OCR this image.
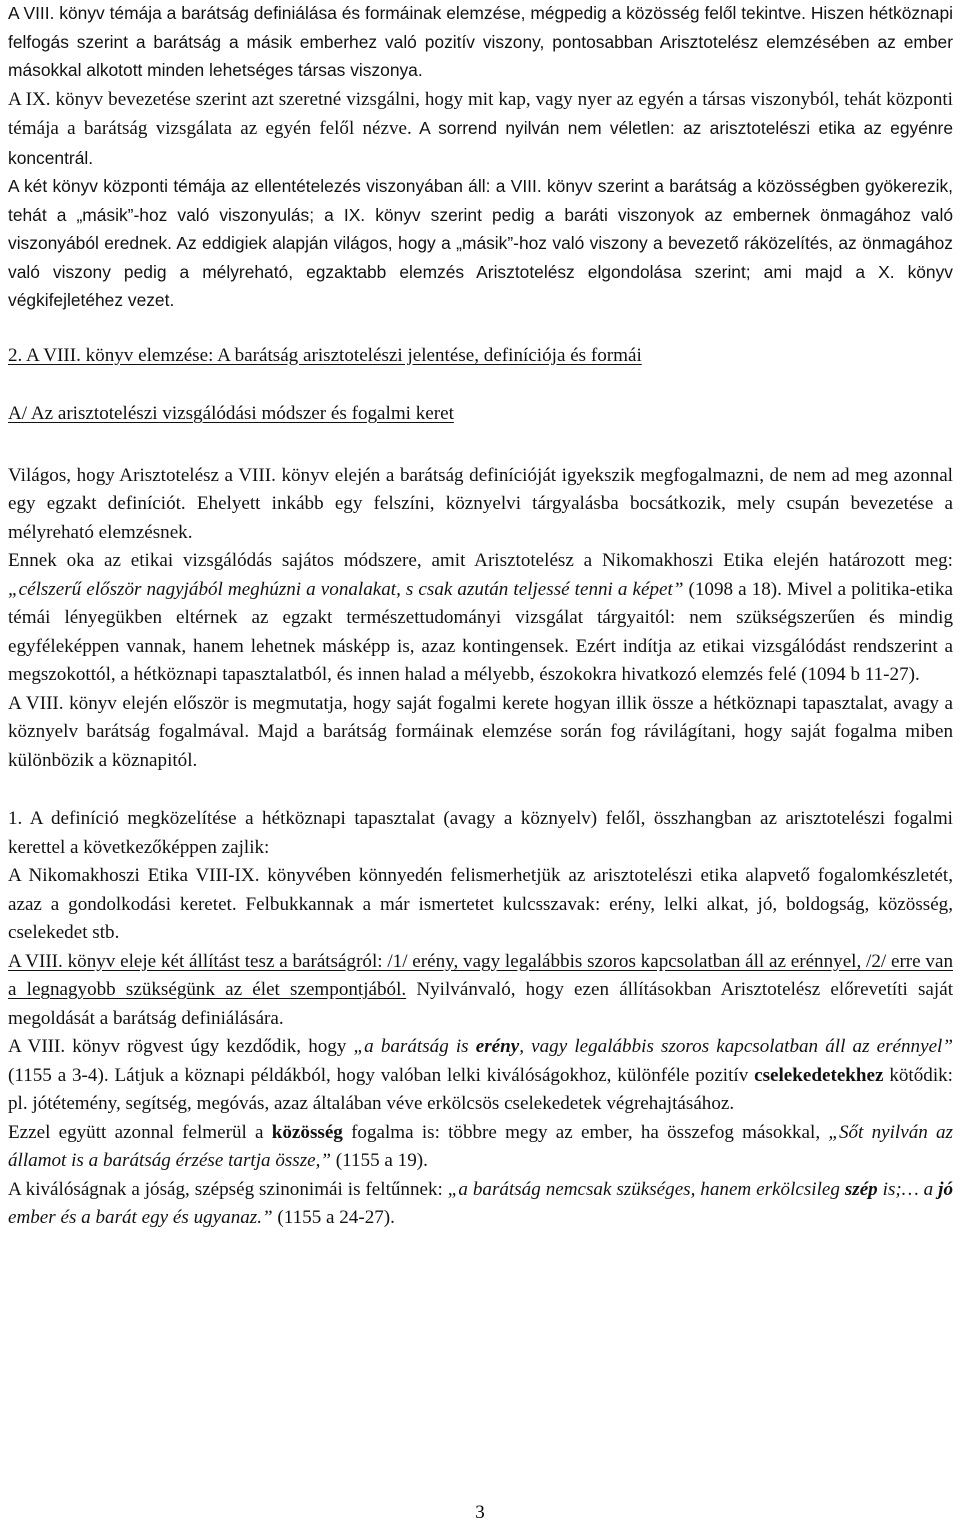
A VIII. könyv témája a barátság definiálása és formáinak elemzése, mégpedig a közösség felől tekintve. Hiszen hétköznapi felfogás szerint a barátság a másik emberhez való pozitív viszony, pontosabban Arisztotelész elemzésében az ember másokkal alkotott minden lehetséges társas viszonya.

A IX. könyv bevezetése szerint azt szeretné vizsgálni, hogy mit kap, vagy nyer az egyén a társas viszonyból, tehát központi témája a barátság vizsgálata az egyén felől nézve. A sorrend nyilván nem véletlen: az arisztotelészi etika az egyénre koncentrál.

A két könyv központi témája az ellentételezés viszonyában áll: a VIII. könyv szerint a barátság a közösségben gyökerezik, tehát a „másik”-hoz való viszonyulás; a IX. könyv szerint pedig a baráti viszonyok az embernek önmagához való viszonyából erednek. Az eddigiek alapján világos, hogy a „másik”-hoz való viszony a bevezető ráközelítés, az önmagához való viszony pedig a mélyreható, egzaktabb elemzés Arisztotelész elgondolása szerint; ami majd a X. könyv végkifejletéhez vezet.

2. A VIII. könyv elemzése: A barátság arisztotelészi jelentése, definíciója és formái

A/ Az arisztotelészi vizsgálódási módszer és fogalmi keret

Világos, hogy Arisztotelész a VIII. könyv elején a barátság definícióját igyekszik megfogalmazni, de nem ad meg azonnal egy egzakt definíciót. Ehelyett inkább egy felszíni, köznyelvi tárgyalásba bocsátkozik, mely csupán bevezetése a mélyreható elemzésnek.

Ennek oka az etikai vizsgálódás sajátos módszere, amit Arisztotelész a Nikomakhoszi Etika elején határozott meg: „célszerű először nagyjából meghúzni a vonalakat, s csak azután teljessé tenni a képet” (1098 a 18). Mivel a politika-etika témái lényegükben eltérnek az egzakt természettudományi vizsgálat tárgyaitól: nem szükségszerűen és mindig egyféleképpen vannak, hanem lehetnek másképp is, azaz kontingensek. Ezért indítja az etikai vizsgálódást rendszerint a megszokottól, a hétköznapi tapasztalatból, és innen halad a mélyebb, észokokra hivatkozó elemzés felé (1094 b 11-27).

A VIII. könyv elején először is megmutatja, hogy saját fogalmi kerete hogyan illik össze a hétköznapi tapasztalat, avagy a köznyelv barátság fogalmával. Majd a barátság formáinak elemzése során fog rávilágítani, hogy saját fogalma miben különbözik a köznapitól.

1. A definíció megközelítése a hétköznapi tapasztalat (avagy a köznyelv) felől, összhangban az arisztotelészi fogalmi kerettel a következőképpen zajlik:

A Nikomakhoszi Etika VIII-IX. könyvében könnyedén felismerhetjük az arisztotelészi etika alapvető fogalomkészletét, azaz a gondolkodási keretet. Felbukkannak a már ismertetet kulcsszavak: erény, lelki alkat, jó, boldogság, közösség, cselekedet stb.

A VIII. könyv eleje két állítást tesz a barátságról: /1/ erény, vagy legalábbis szoros kapcsolatban áll az erénnyel, /2/ erre van a legnagyobb szükségünk az élet szempontjából. Nyilvánvaló, hogy ezen állításokban Arisztotelész előrevetíti saját megoldását a barátság definiálására.

A VIII. könyv rögvest úgy kezdődik, hogy „a barátság is erény, vagy legalábbis szoros kapcsolatban áll az erénnyel” (1155 a 3-4). Látjuk a köznapi példákból, hogy valóban lelki kiválóságokhoz, különféle pozitív cselekedetekhez kötődik: pl. jótétemény, segítség, megóvás, azaz általában véve erkölcsös cselekedetek végrehajtásához.

Ezzel együtt azonnal felmerül a közösség fogalma is: többre megy az ember, ha összefog másokkal, „Sőt nyilván az államot is a barátság érzése tartja össze,” (1155 a 19).

A kiválóságnak a jóság, szépség szinonimái is feltűnnek: „a barátság nemcsak szükséges, hanem erkölcsileg szép is;… a jó ember és a barát egy és ugyanaz.” (1155 a 24-27).

3
